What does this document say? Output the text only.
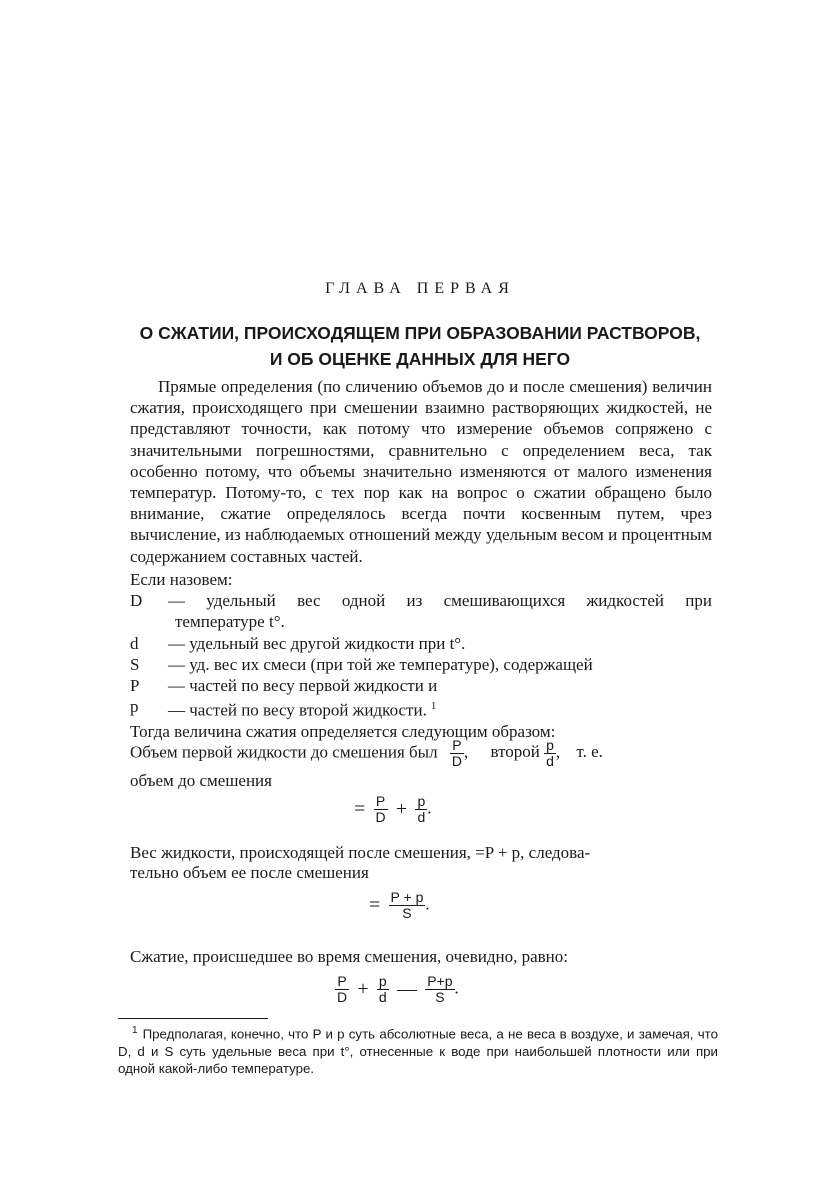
ГЛАВА ПЕРВАЯ
О СЖАТИИ, ПРОИСХОДЯЩЕМ ПРИ ОБРАЗОВАНИИ РАСТВОРОВ,
И ОБ ОЦЕНКЕ ДАННЫХ ДЛЯ НЕГО

Прямые определения (по сличению объемов до и после смешения) величин сжатия, происходящего при смешении взаимно растворяющих жидкостей, не представляют точности, как потому что измерение объемов сопряжено с значительными погрешностями, сравнительно с определением веса, так особенно потому, что объемы значительно изменяются от малого изменения температур. Потому-то, с тех пор как на вопрос о сжатии обращено было внимание, сжатие определялось всегда почти косвенным путем, чрез вычисление, из наблюдаемых отношений между удельным весом и процентным содержанием составных частей.

Если назовем:
D	— удельный вес одной из смешивающихся жидкостей при
температуре t°.
d	— удельный вес другой жидкости при t°.
S	— уд. вес их смеси (при той же температуре), содержащей
P	— частей по весу первой жидкости и
p	— частей по весу второй жидкости. $^1$
Тогда величина сжатия определяется следующим образом:
Объем первой жидкости до смешения был $\frac{P}{D}$ , второй $\frac{p}{d}$ , т. е.
объем до смешения
= $\frac{P}{D} + \frac{p}{d}$ .
Вес жидкости, происходящей после смешения, =P + p, следова-
тельно объем ее после смешения
= $\frac{P + p}{S}$ .
Сжатие, происшедшее во время смешения, очевидно, равно:
$\frac{P}{D} + \frac{p}{d}$ — $\frac{P+p}{S}$ .

$^1$ Предполагая, конечно, что P и p суть абсолютные веса, а не веса в воздухе, и замечая, что D, d и S суть удельные веса при t°, отнесенные к воде при наибольшей плотности или при одной какой-либо температуре.
